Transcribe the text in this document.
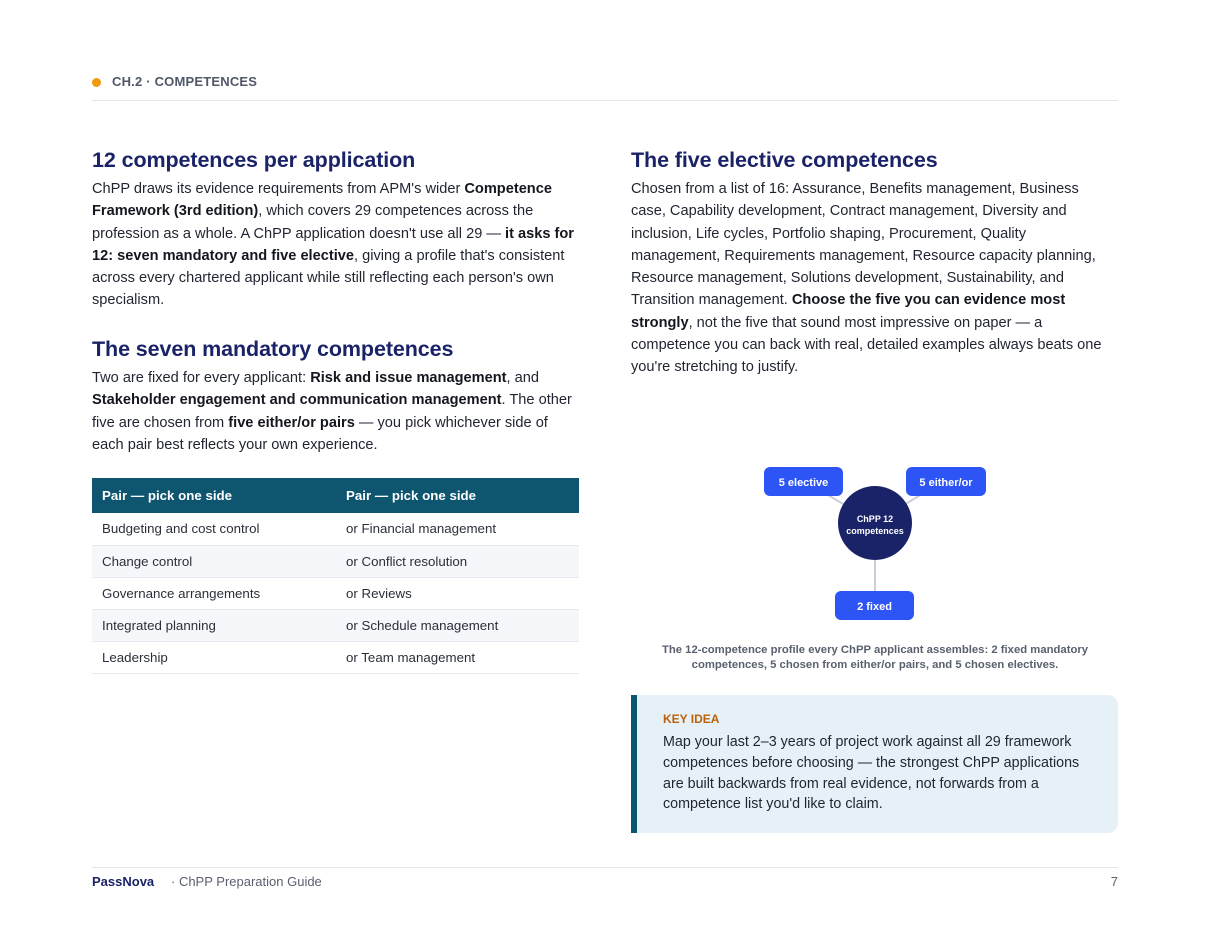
CH.2 · COMPETENCES
12 competences per application

ChPP draws its evidence requirements from APM's wider Competence Framework (3rd edition), which covers 29 competences across the profession as a whole. A ChPP application doesn't use all 29 — it asks for 12: seven mandatory and five elective, giving a profile that's consistent across every chartered applicant while still reflecting each person's own specialism.

The seven mandatory competences

Two are fixed for every applicant: Risk and issue management, and Stakeholder engagement and communication management. The other five are chosen from five either/or pairs — you pick whichever side of each pair best reflects your own experience.

Pair — pick one side	Pair — pick one side
Budgeting and cost control	or Financial management
Change control	or Conflict resolution
Governance arrangements	or Reviews
Integrated planning	or Schedule management
Leadership	or Team management
The five elective competences

Chosen from a list of 16: Assurance, Benefits management, Business case, Capability development, Contract management, Diversity and inclusion, Life cycles, Portfolio shaping, Procurement, Quality management, Requirements management, Resource capacity planning, Resource management, Solutions development, Sustainability, and Transition management. Choose the five you can evidence most strongly, not the five that sound most impressive on paper — a competence you can back with real, detailed examples always beats one you're stretching to justify.

5 elective	5 either/or
2 fixed
ChPP 12
competences
The 12-competence profile every ChPP applicant assembles: 2 fixed mandatory competences, 5 chosen from either/or pairs, and 5 chosen electives.
KEY IDEA
Map your last 2–3 years of project work against all 29 framework competences before choosing — the strongest ChPP applications are built backwards from real evidence, not forwards from a competence list you'd like to claim.
PassNova · ChPP Preparation Guide	7
